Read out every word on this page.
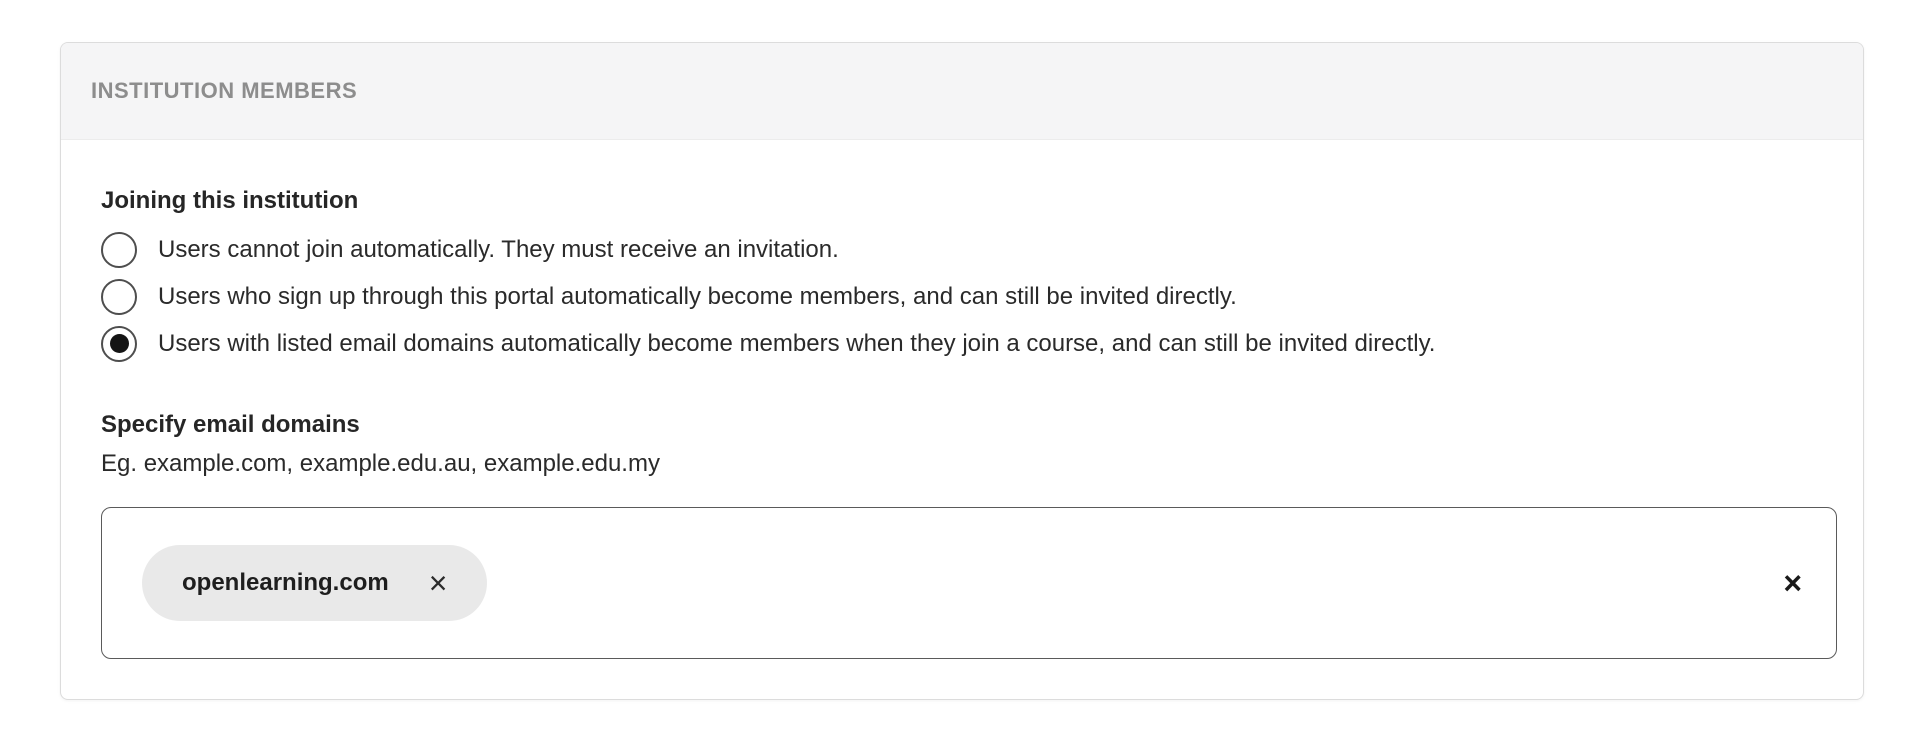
INSTITUTION MEMBERS
Joining this institution
Users cannot join automatically. They must receive an invitation.
Users who sign up through this portal automatically become members, and can still be invited directly.
Users with listed email domains automatically become members when they join a course, and can still be invited directly.
Specify email domains
Eg. example.com, example.edu.au, example.edu.my
openlearning.com ×	×
